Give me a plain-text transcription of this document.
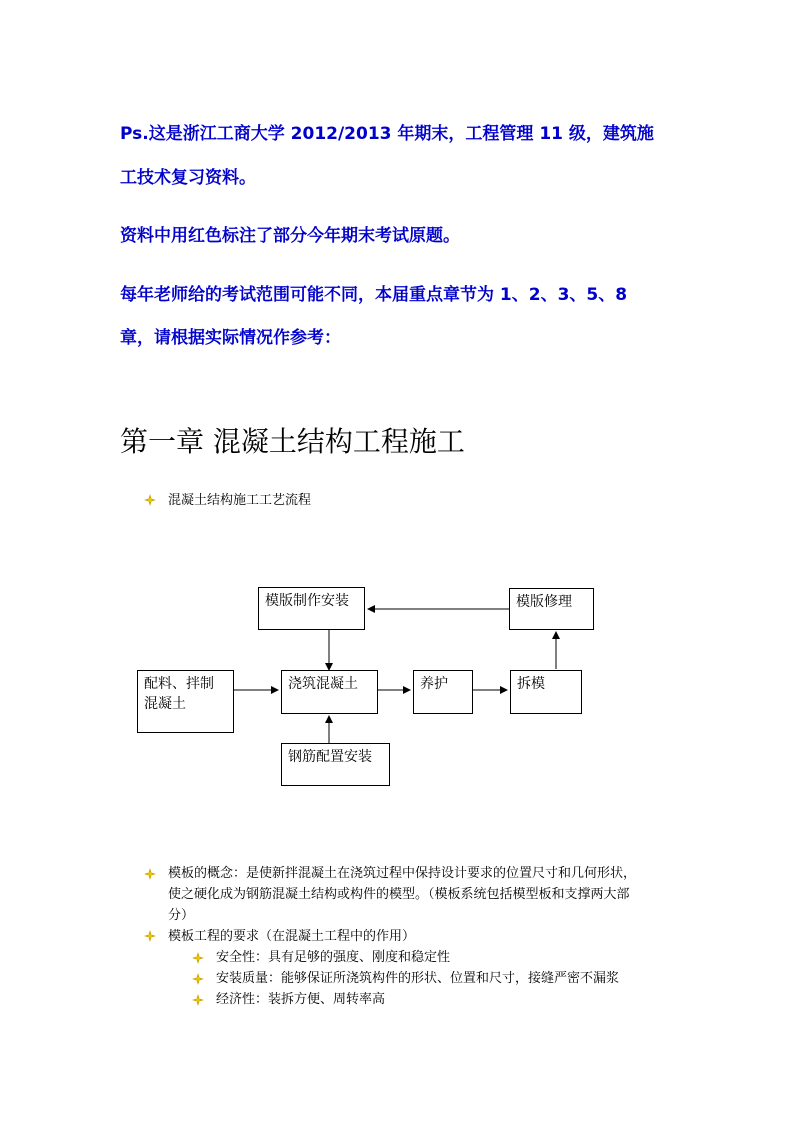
Ps.这是浙江工商大学 2012/2013 年期末，工程管理 11 级，建筑施
工技术复习资料。
资料中用红色标注了部分今年期末考试原题。
每年老师给的考试范围可能不同，本届重点章节为 1、2、3、5、8
章，请根据实际情况作参考：
第一章 混凝土结构工程施工
混凝土结构施工工艺流程
模版制作安装	模版修理
配料、拌制
混凝土
浇筑混凝土	养护	拆模
钢筋配置安装
模板的概念：是使新拌混凝土在浇筑过程中保持设计要求的位置尺寸和几何形状，
使之硬化成为钢筋混凝土结构或构件的模型。（模板系统包括模型板和支撑两大部
分）
模板工程的要求（在混凝土工程中的作用）
安全性：具有足够的强度、刚度和稳定性
安装质量：能够保证所浇筑构件的形状、位置和尺寸，接缝严密不漏浆
经济性：装拆方便、周转率高
